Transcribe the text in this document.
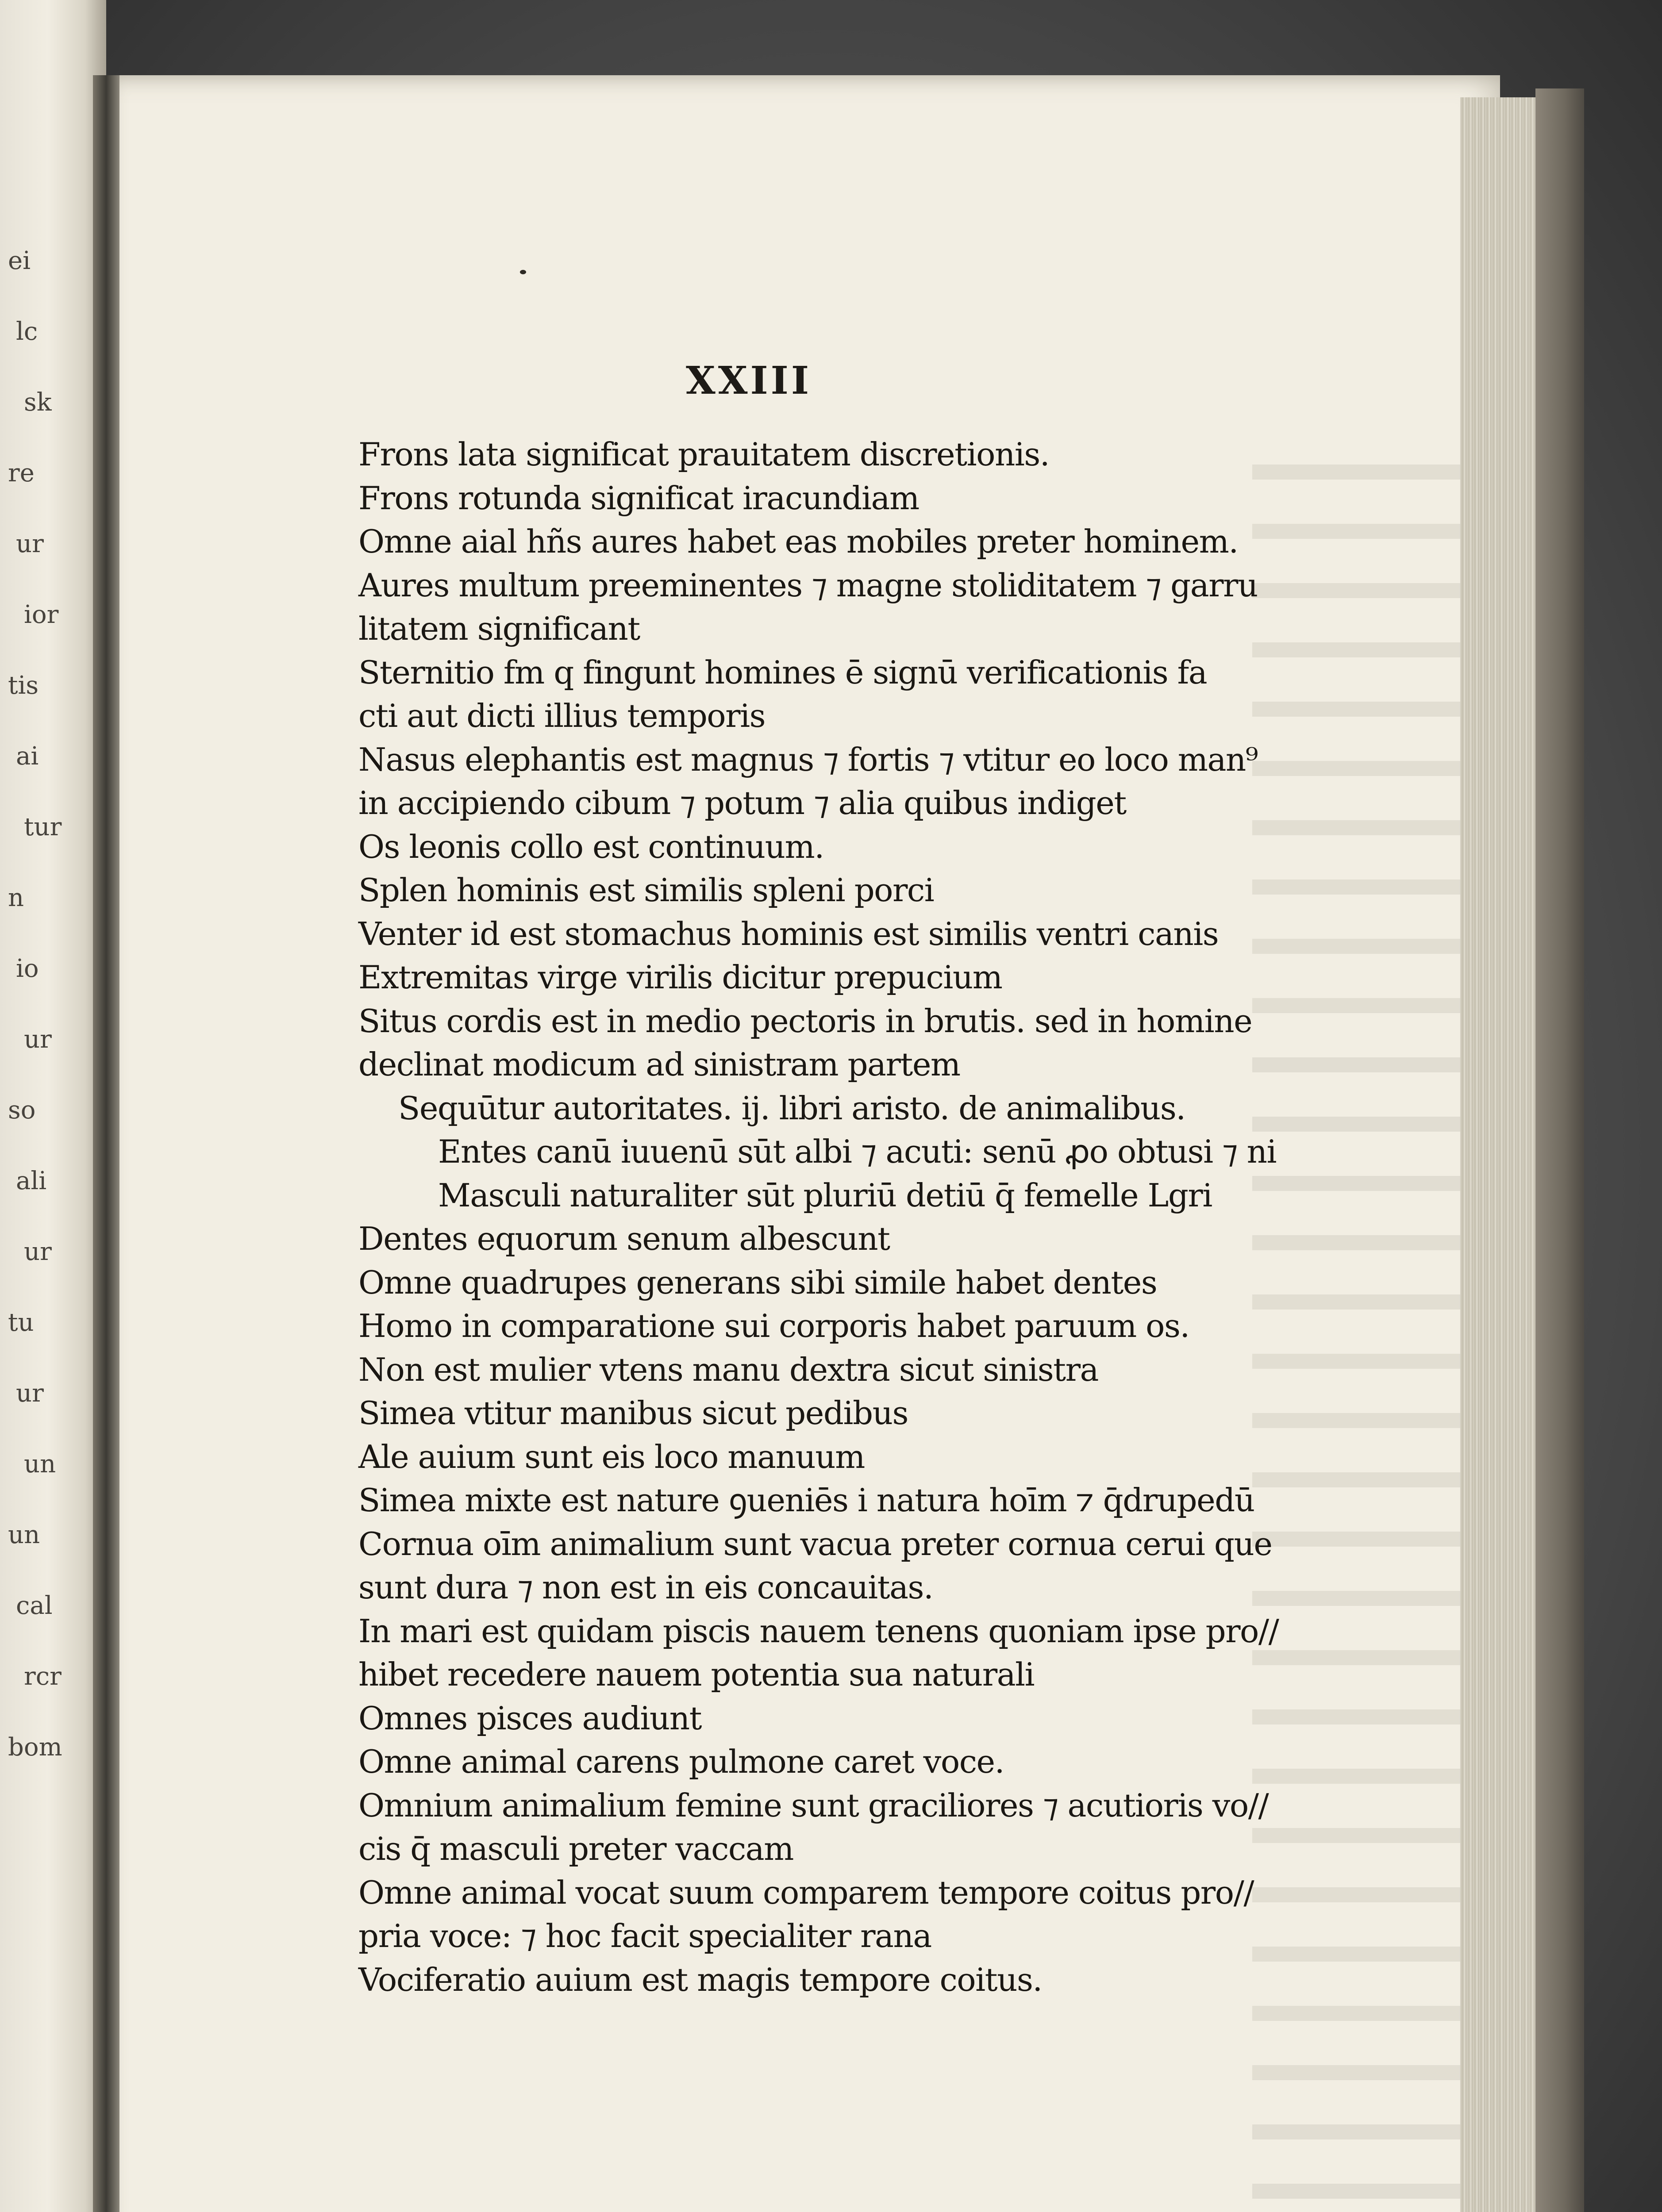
ei
lc
sk
re
ur
ior
tis
ai
tur
n
io
ur
so
ali
ur
tu
ur
un
un
cal
rcr
bom
XXIII
Frons lata significat prauitatem discretionis.
Frons rotunda significat iracundiam
Omne aial hñs aures habet eas mobiles preter hominem.
Aures multum preeminentes ⁊ magne stoliditatem ⁊ garru
litatem significant
Sternitio fm q fingunt homines ē signū verificationis fa
cti aut dicti illius temporis
Nasus elephantis est magnus ⁊ fortis ⁊ vtitur eo loco man⁹
in accipiendo cibum ⁊ potum ⁊ alia quibus indiget
Os leonis collo est continuum.
Splen hominis est similis spleni porci
Venter id est stomachus hominis est similis ventri canis
Extremitas virge virilis dicitur prepucium
Situs cordis est in medio pectoris in brutis. sed in homine
declinat modicum ad sinistram partem
Sequūtur autoritates. ij. libri aristo. de animalibus.
Entes canū iuuenū sūt albi ⁊ acuti: senū ꝓo obtusi ⁊ ni
Masculi naturaliter sūt pluriū detiū q̄ femelle Lgri
Dentes equorum senum albescunt
Omne quadrupes generans sibi simile habet dentes
Homo in comparatione sui corporis habet paruum os.
Non est mulier vtens manu dextra sicut sinistra
Simea vtitur manibus sicut pedibus
Ale auium sunt eis loco manuum
Simea mixte est nature ꝯueniēs i natura hoīm ⁊ q̄drupedū
Cornua oīm animalium sunt vacua preter cornua cerui que
sunt dura ⁊ non est in eis concauitas.
In mari est quidam piscis nauem tenens quoniam ipse pro//
hibet recedere nauem potentia sua naturali
Omnes pisces audiunt
Omne animal carens pulmone caret voce.
Omnium animalium femine sunt graciliores ⁊ acutioris vo//
cis q̄ masculi preter vaccam
Omne animal vocat suum comparem tempore coitus pro//
pria voce: ⁊ hoc facit specialiter rana
Vociferatio auium est magis tempore coitus.
